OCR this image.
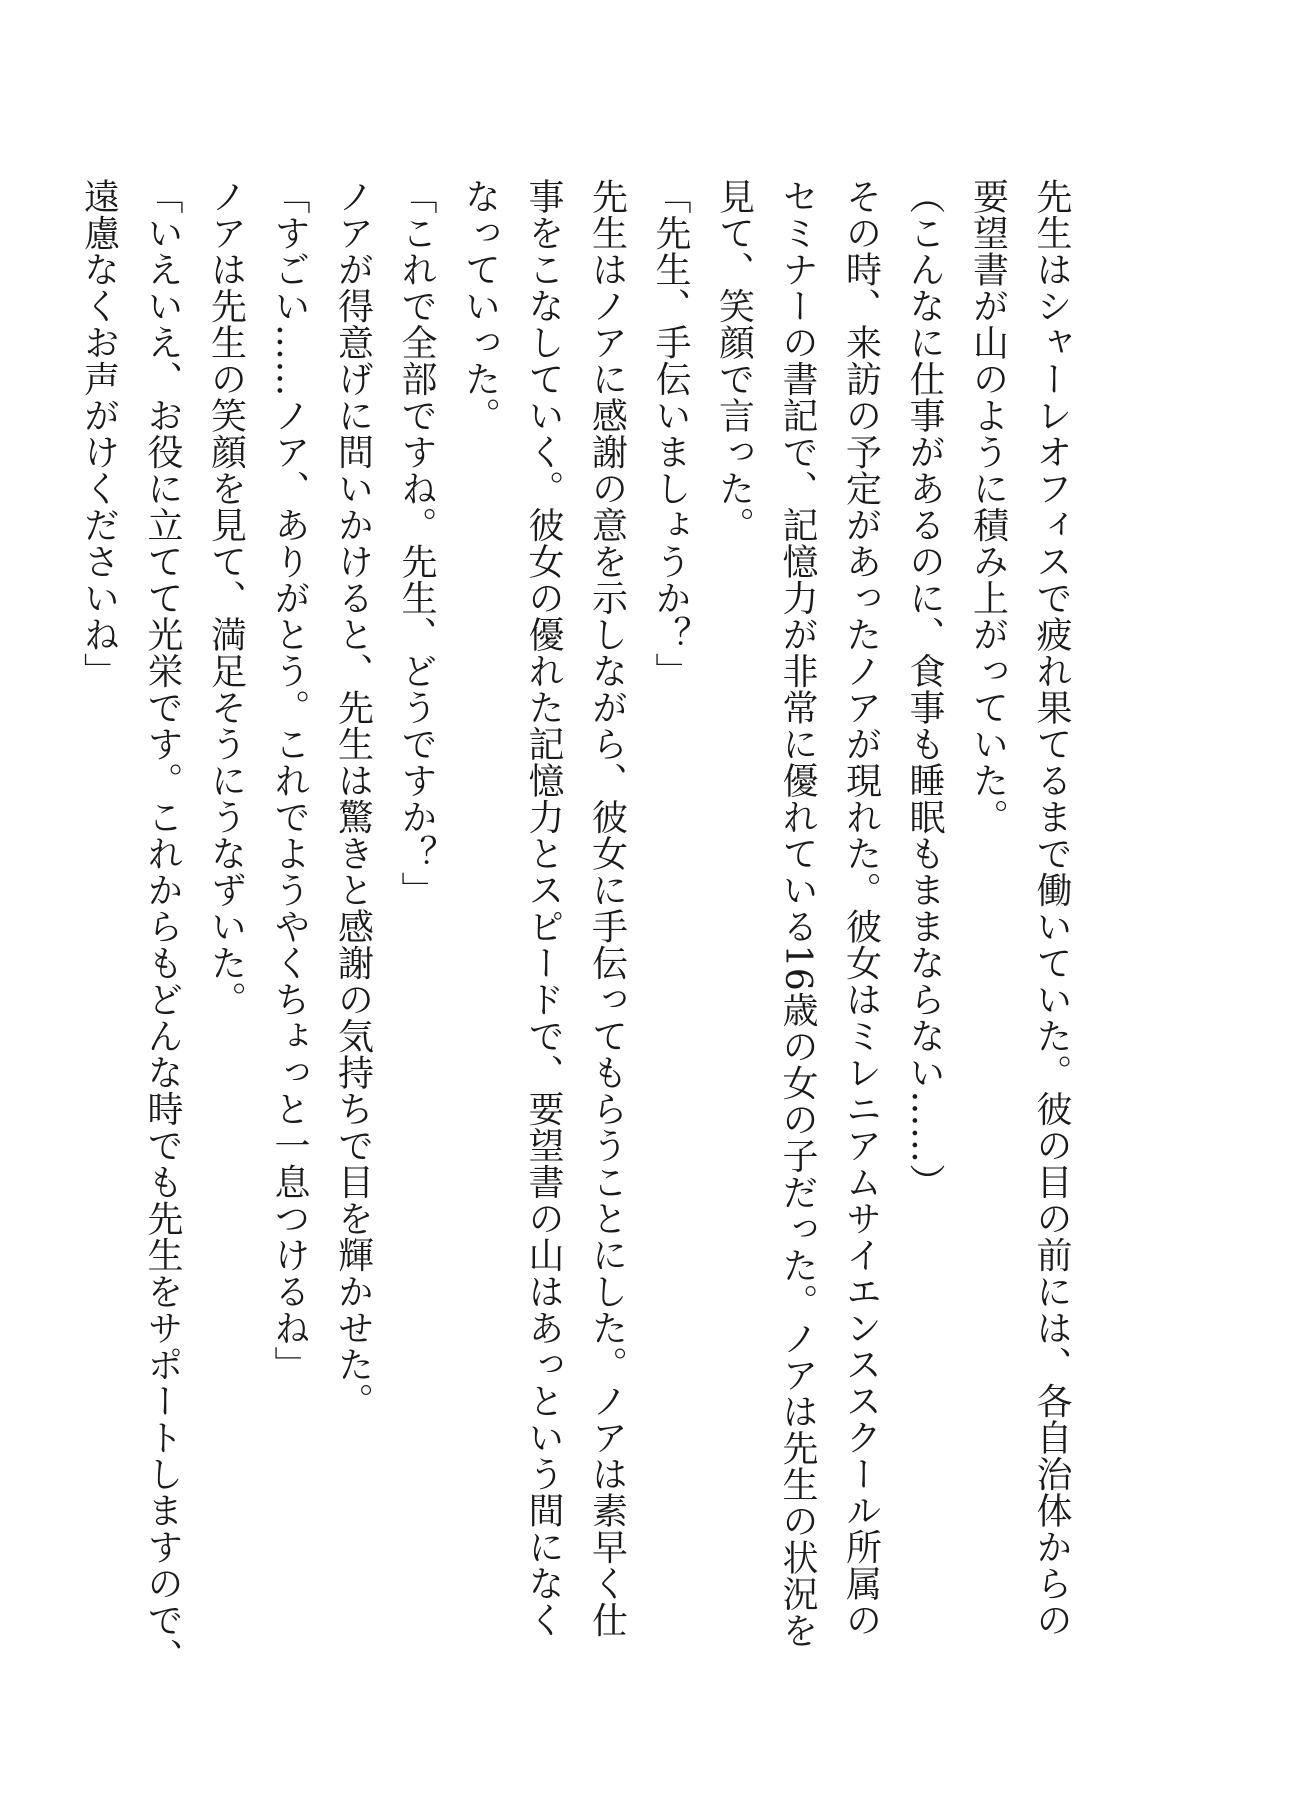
先生はシャーレオフィスで疲れ果てるまで働いていた。彼の目の前には、各自治体からの

要望書が山のように積み上がっていた。

（こんなに仕事があるのに、食事も睡眠もままならない……）

その時、来訪の予定があったノアが現れた。彼女はミレニアムサイエンススクール所属の

セミナーの書記で、記憶力が非常に優れている16歳の女の子だった。ノアは先生の状況を

見て、笑顔で言った。

「先生、手伝いましょうか？」

先生はノアに感謝の意を示しながら、彼女に手伝ってもらうことにした。ノアは素早く仕

事をこなしていく。彼女の優れた記憶力とスピードで、要望書の山はあっという間になく

なっていった。

「これで全部ですね。先生、どうですか？」

ノアが得意げに問いかけると、先生は驚きと感謝の気持ちで目を輝かせた。

「すごい……ノア、ありがとう。これでようやくちょっと一息つけるね」

ノアは先生の笑顔を見て、満足そうにうなずいた。

「いえいえ、お役に立てて光栄です。これからもどんな時でも先生をサポートしますので、

遠慮なくお声がけくださいね」
